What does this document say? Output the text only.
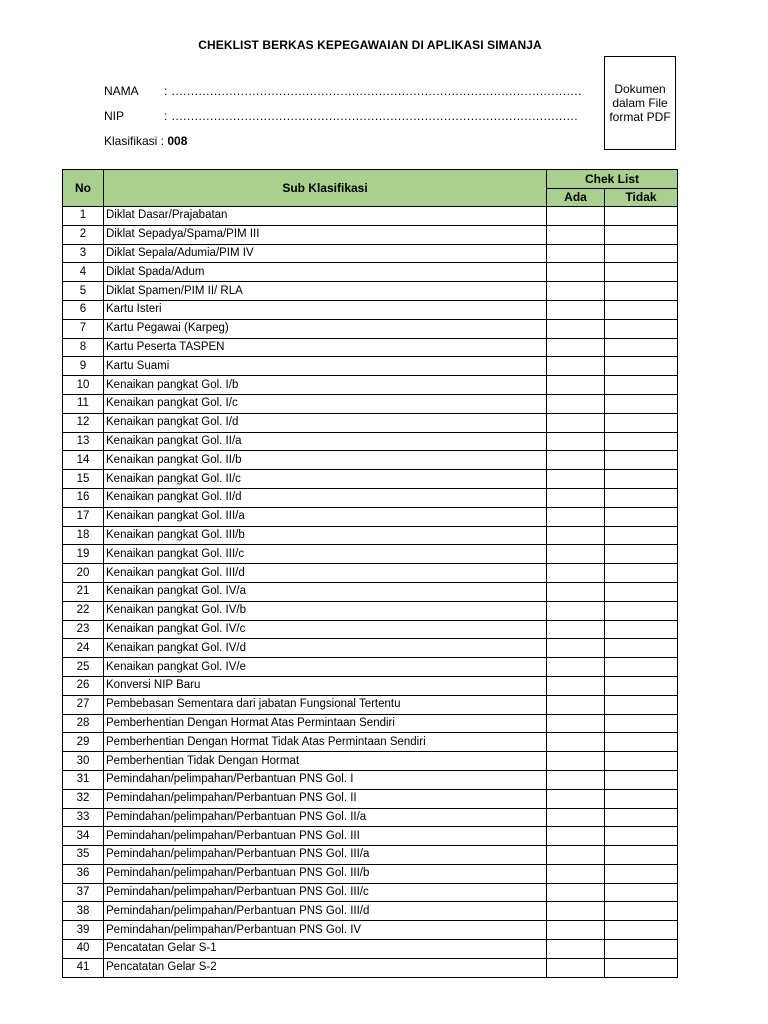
CHEKLIST BERKAS KEPEGAWAIAN DI APLIKASI SIMANJA
NAMA : ...........................................................................................................
NIP	: ..........................................................................................................
Klasifikasi : 008
Dokumen
dalam File
format PDF
No	Sub Klasifikasi	Chek List	
		Ada	Tidak
1	Diklat Dasar/Prajabatan		
2	Diklat Sepadya/Spama/PIM III		
3	Diklat Sepala/Adumia/PIM IV		
4	Diklat Spada/Adum		
5	Diklat Spamen/PIM II/ RLA		
6	Kartu Isteri		
7	Kartu Pegawai (Karpeg)		
8	Kartu Peserta TASPEN		
9	Kartu Suami		
10	Kenaikan pangkat Gol. I/b		
11	Kenaikan pangkat Gol. I/c		
12	Kenaikan pangkat Gol. I/d		
13	Kenaikan pangkat Gol. II/a		
14	Kenaikan pangkat Gol. II/b		
15	Kenaikan pangkat Gol. II/c		
16	Kenaikan pangkat Gol. II/d		
17	Kenaikan pangkat Gol. III/a		
18	Kenaikan pangkat Gol. III/b		
19	Kenaikan pangkat Gol. III/c		
20	Kenaikan pangkat Gol. III/d		
21	Kenaikan pangkat Gol. IV/a		
22	Kenaikan pangkat Gol. IV/b		
23	Kenaikan pangkat Gol. IV/c		
24	Kenaikan pangkat Gol. IV/d		
25	Kenaikan pangkat Gol. IV/e		
26	Konversi NIP Baru		
27	Pembebasan Sementara dari jabatan Fungsional Tertentu		
28	Pemberhentian Dengan Hormat Atas Permintaan Sendiri		
29	Pemberhentian Dengan Hormat Tidak Atas Permintaan Sendiri		
30	Pemberhentian Tidak Dengan Hormat		
31	Pemindahan/pelimpahan/Perbantuan PNS Gol. I		
32	Pemindahan/pelimpahan/Perbantuan PNS Gol. II		
33	Pemindahan/pelimpahan/Perbantuan PNS Gol. II/a		
34	Pemindahan/pelimpahan/Perbantuan PNS Gol. III		
35	Pemindahan/pelimpahan/Perbantuan PNS Gol. III/a		
36	Pemindahan/pelimpahan/Perbantuan PNS Gol. III/b		
37	Pemindahan/pelimpahan/Perbantuan PNS Gol. III/c		
38	Pemindahan/pelimpahan/Perbantuan PNS Gol. III/d		
39	Pemindahan/pelimpahan/Perbantuan PNS Gol. IV		
40	Pencatatan Gelar S-1		
41	Pencatatan Gelar S-2		
